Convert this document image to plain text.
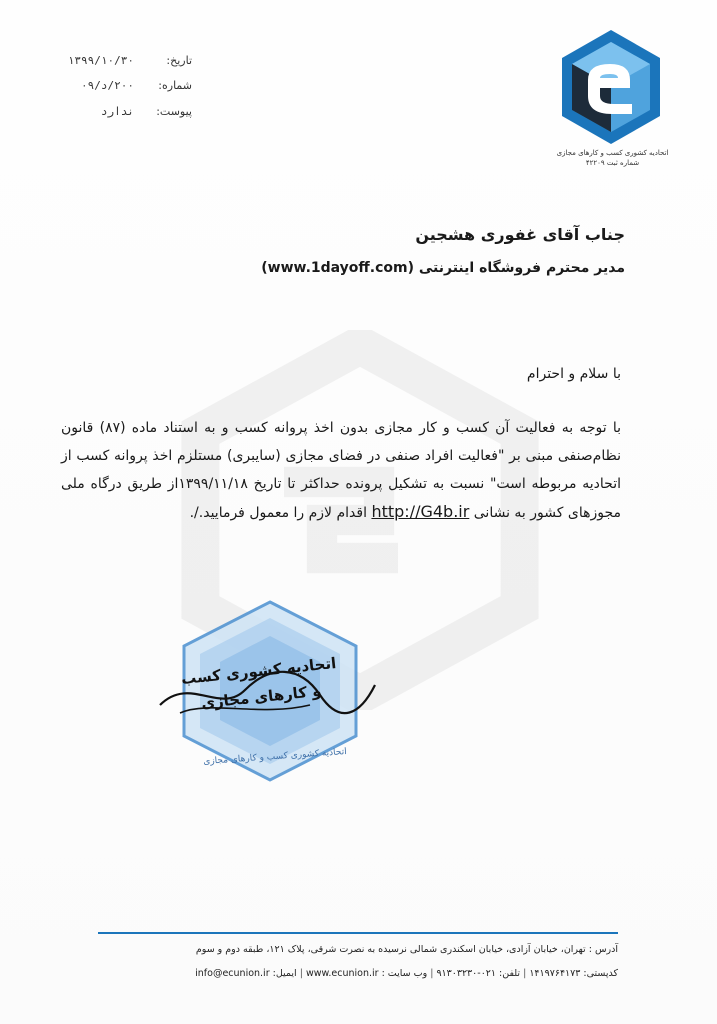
اتحادیه کشوری کسب و کارهای مجازی
شماره ثبت ۴۲۲۰۹
تاریخ:
۱۳۹۹/۱۰/۳۰
شماره:
۲۰۰/د/۰۹
پیوست:
ندارد
جناب آقای غفوری هشجین
مدیر محترم فروشگاه اینترنتی (www.1dayoff.com)
با سلام و احترام

با توجه به فعالیت آن کسب و کار مجازی بدون اخذ پروانه کسب و به استناد ماده (۸۷) قانون نظام‌صنفی مبنی بر "فعالیت افراد صنفی در فضای مجازی (سایبری) مستلزم اخذ پروانه کسب از اتحادیه مربوطه است" نسبت به تشکیل پرونده حداکثر تا تاریخ ۱۳۹۹/۱۱/۱۸از طریق درگاه ملی مجوزهای کشور به نشانی http://G4b.ir اقدام لازم را معمول فرمایید./.

اتحادیه کشوری کسب
و کارهای مجازی
اتحادیه کشوری کسب و کارهای مجازی
آدرس : تهران، خیابان آزادی، خیابان اسکندری شمالی نرسیده به نصرت شرقی، پلاک ۱۲۱، طبقه دوم و سوم
کدپستی: ۱۴۱۹۷۶۴۱۷۳ | تلفن: ۰۲۱-۹۱۳۰۳۲۳۰ | وب سایت : www.ecunion.ir | ایمیل: info@ecunion.ir
